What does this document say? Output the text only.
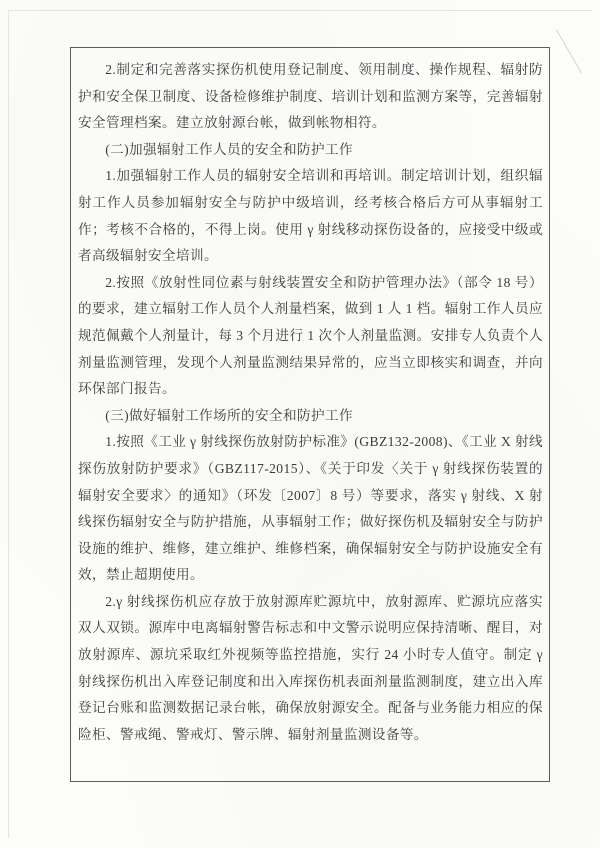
2.制定和完善落实探伤机使用登记制度、领用制度、操作规程、辐射防护和安全保卫制度、设备检修维护制度、培训计划和监测方案等，完善辐射安全管理档案。建立放射源台帐，做到帐物相符。

(二)加强辐射工作人员的安全和防护工作

1.加强辐射工作人员的辐射安全培训和再培训。制定培训计划，组织辐射工作人员参加辐射安全与防护中级培训，经考核合格后方可从事辐射工作；考核不合格的，不得上岗。使用 γ 射线移动探伤设备的，应接受中级或者高级辐射安全培训。

2.按照《放射性同位素与射线装置安全和防护管理办法》（部令 18 号）的要求，建立辐射工作人员个人剂量档案，做到 1 人 1 档。辐射工作人员应规范佩戴个人剂量计，每 3 个月进行 1 次个人剂量监测。安排专人负责个人剂量监测管理，发现个人剂量监测结果异常的，应当立即核实和调查，并向环保部门报告。

(三)做好辐射工作场所的安全和防护工作

1.按照《工业 γ 射线探伤放射防护标准》(GBZ132-2008)、《工业 X 射线探伤放射防护要求》（GBZ117-2015）、《关于印发〈关于 γ 射线探伤装置的辐射安全要求〉的通知》（环发〔2007〕8 号）等要求，落实 γ 射线、X 射线探伤辐射安全与防护措施，从事辐射工作；做好探伤机及辐射安全与防护设施的维护、维修，建立维护、维修档案，确保辐射安全与防护设施安全有效，禁止超期使用。

2.γ 射线探伤机应存放于放射源库贮源坑中，放射源库、贮源坑应落实双人双锁。源库中电离辐射警告标志和中文警示说明应保持清晰、醒目，对放射源库、源坑采取红外视频等监控措施，实行 24 小时专人值守。制定 γ 射线探伤机出入库登记制度和出入库探伤机表面剂量监测制度，建立出入库登记台账和监测数据记录台帐，确保放射源安全。配备与业务能力相应的保险柜、警戒绳、警戒灯、警示牌、辐射剂量监测设备等。
